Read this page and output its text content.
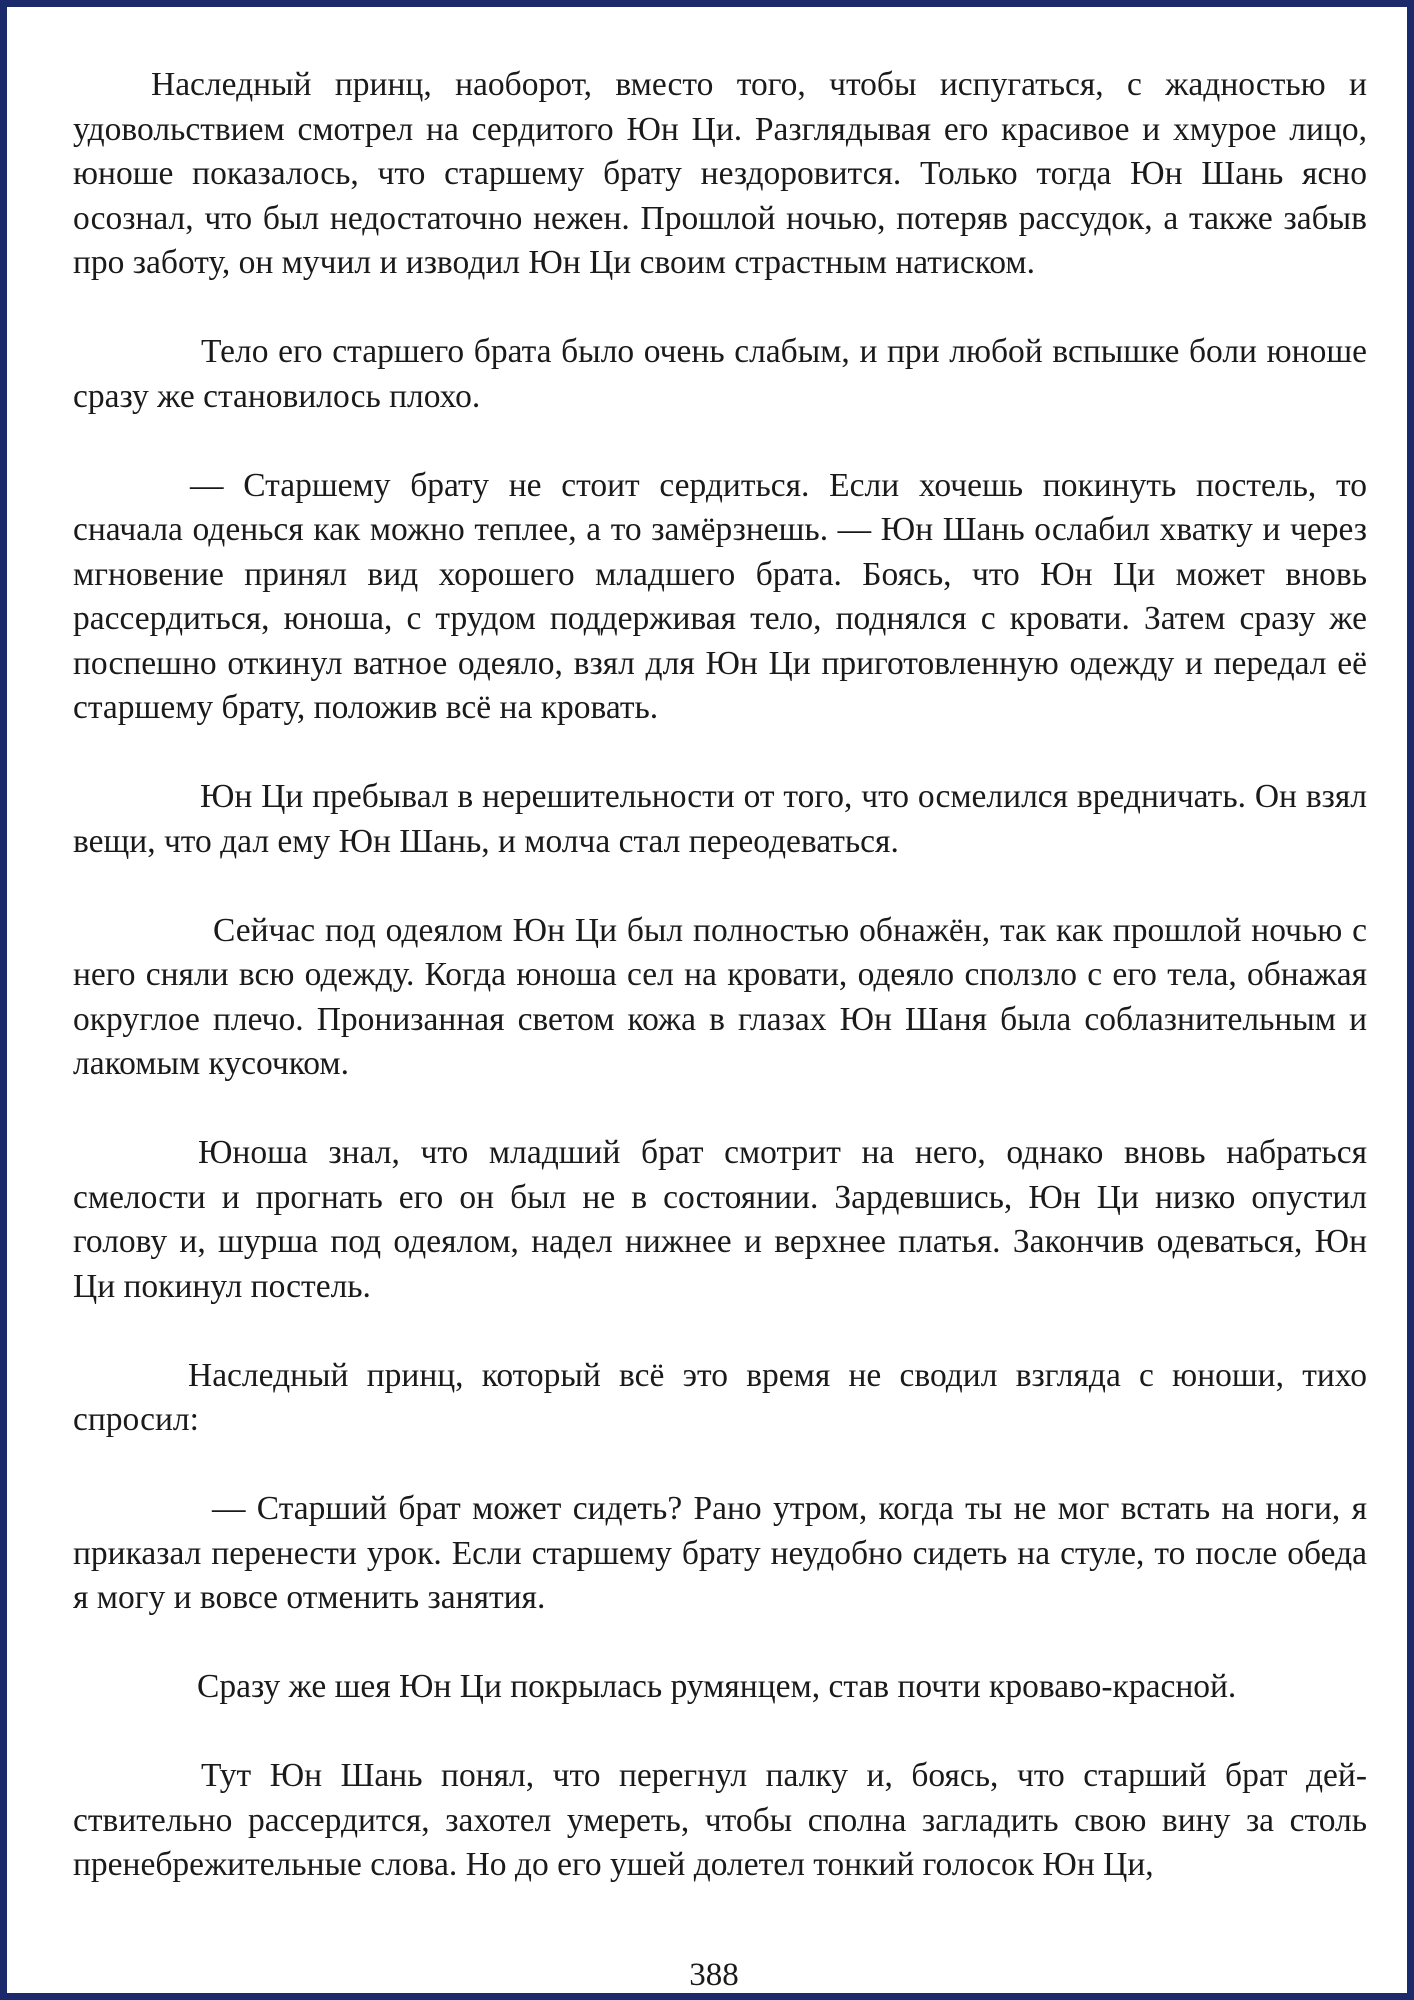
Наследный принц, наоборот, вместо того, чтобы испугаться, с жадностью и удовольствием смотрел на сердитого Юн Ци. Разглядывая его красивое и хмурое лицо, юноше показалось, что старшему брату нездоровится. Только тогда Юн Шань ясно осознал, что был недостаточно нежен. Прошлой ночью, потеряв рассудок, а также забыв про заботу, он мучил и изводил Юн Ци своим страстным натиском.

Тело его старшего брата было очень слабым, и при любой вспышке боли юноше сразу же становилось плохо.

— Старшему брату не стоит сердиться. Если хочешь покинуть постель, то сначала оденься как можно теплее, а то замёрзнешь. — Юн Шань ослабил хватку и через мгновение принял вид хорошего младшего брата. Боясь, что Юн Ци может вновь рассердиться, юноша, с трудом поддерживая тело, поднялся с кровати. Затем сразу же поспешно откинул ватное одеяло, взял для Юн Ци приготовленную одежду и передал её старшему брату, положив всё на кровать.

Юн Ци пребывал в нерешительности от того, что осмелился вредничать. Он взял вещи, что дал ему Юн Шань, и молча стал переодеваться.

Сейчас под одеялом Юн Ци был полностью обнажён, так как прошлой ночью с него сняли всю одежду. Когда юноша сел на кровати, одеяло сползло с его тела, обнажая округлое плечо. Пронизанная светом кожа в глазах Юн Шаня была соблазнительным и лакомым кусочком.

Юноша знал, что младший брат смотрит на него, однако вновь набраться смелости и прогнать его он был не в состоянии. Зардевшись, Юн Ци низко опустил голову и, шурша под одеялом, надел нижнее и верхнее платья. Закончив одеваться, Юн Ци покинул постель.

Наследный принц, который всё это время не сводил взгляда с юноши, тихо спросил:

— Старший брат может сидеть? Рано утром, когда ты не мог встать на ноги, я приказал перенести урок. Если старшему брату неудобно сидеть на стуле, то после обеда я могу и вовсе отменить занятия.

Сразу же шея Юн Ци покрылась румянцем, став почти кроваво-красной.

Тут Юн Шань понял, что перегнул палку и, боясь, что старший брат действительно рассердится, захотел умереть, чтобы сполна загладить свою вину за столь пренебрежительные слова. Но до его ушей долетел тонкий голосок Юн Ци,

388
